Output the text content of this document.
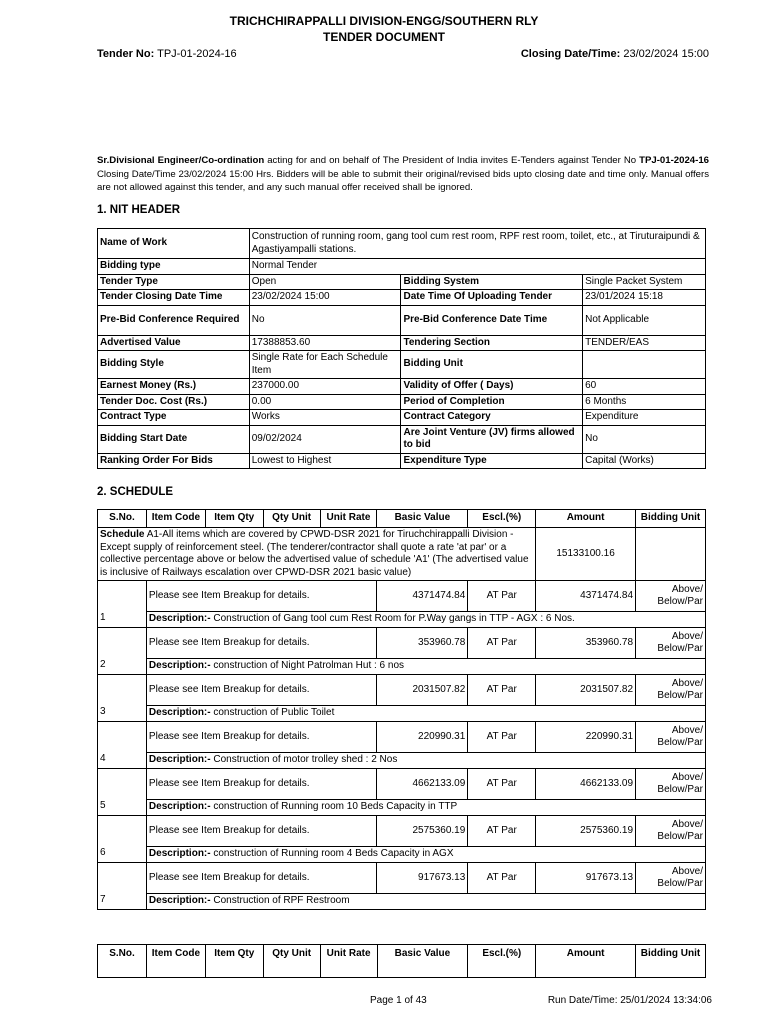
TRICHCHIRAPPALLI DIVISION-ENGG/SOUTHERN RLY
TENDER DOCUMENT
Tender No: TPJ-01-2024-16	Closing Date/Time: 23/02/2024 15:00
Sr.Divisional Engineer/Co-ordination acting for and on behalf of The President of India invites E-Tenders against Tender No TPJ-01-2024-16 Closing Date/Time 23/02/2024 15:00 Hrs. Bidders will be able to submit their original/revised bids upto closing date and time only. Manual offers are not allowed against this tender, and any such manual offer received shall be ignored.
1. NIT HEADER
Name of Work	Construction of running room, gang tool cum rest room, RPF rest room, toilet, etc., at Tiruturaipundi & Agastiyampalli stations.		
Bidding type	Normal Tender		
Tender Type	Open	Bidding System	Single Packet System
Tender Closing Date Time	23/02/2024 15:00	Date Time Of Uploading Tender	23/01/2024 15:18
Pre-Bid Conference Required	No	Pre-Bid Conference Date Time	Not Applicable
Advertised Value	17388853.60	Tendering Section	TENDER/EAS
Bidding Style	Single Rate for Each Schedule Item	Bidding Unit	
Earnest Money (Rs.)	237000.00	Validity of Offer ( Days)	60
Tender Doc. Cost (Rs.)	0.00	Period of Completion	6 Months
Contract Type	Works	Contract Category	Expenditure
Bidding Start Date	09/02/2024	Are Joint Venture (JV) firms allowed to bid	No
Ranking Order For Bids	Lowest to Highest	Expenditure Type	Capital (Works)
2. SCHEDULE
S.No.	Item Code	Item Qty	Qty Unit	Unit Rate	Basic Value	Escl.(%)	Amount	Bidding Unit
Schedule A1-All items which are covered by CPWD-DSR 2021 for Tiruchchirappalli Division - Except supply of reinforcement steel. (The tenderer/contractor shall quote a rate 'at par' or a collective percentage above or below the advertised value of schedule 'A1' (The advertised value is inclusive of Railways escalation over CPWD-DSR 2021 basic value)							15133100.16	
1	Please see Item Breakup for details.				4371474.84	AT Par	4371474.84	Above/ Below/Par
	Description:- Construction of Gang tool cum Rest Room for P.Way gangs in TTP - AGX : 6 Nos.							
2	Please see Item Breakup for details.				353960.78	AT Par	353960.78	Above/ Below/Par
	Description:- construction of Night Patrolman Hut : 6 nos							
3	Please see Item Breakup for details.				2031507.82	AT Par	2031507.82	Above/ Below/Par
	Description:- construction of Public Toilet							
4	Please see Item Breakup for details.				220990.31	AT Par	220990.31	Above/ Below/Par
	Description:- Construction of motor trolley shed : 2 Nos							
5	Please see Item Breakup for details.				4662133.09	AT Par	4662133.09	Above/ Below/Par
	Description:- construction of Running room 10 Beds Capacity in TTP							
6	Please see Item Breakup for details.				2575360.19	AT Par	2575360.19	Above/ Below/Par
	Description:- construction of Running room 4 Beds Capacity in AGX							
7	Please see Item Breakup for details.				917673.13	AT Par	917673.13	Above/ Below/Par
	Description:- Construction of RPF Restroom							
S.No.	Item Code	Item Qty	Qty Unit	Unit Rate	Basic Value	Escl.(%)	Amount	Bidding Unit
Page 1 of 43	Run Date/Time: 25/01/2024 13:34:06
